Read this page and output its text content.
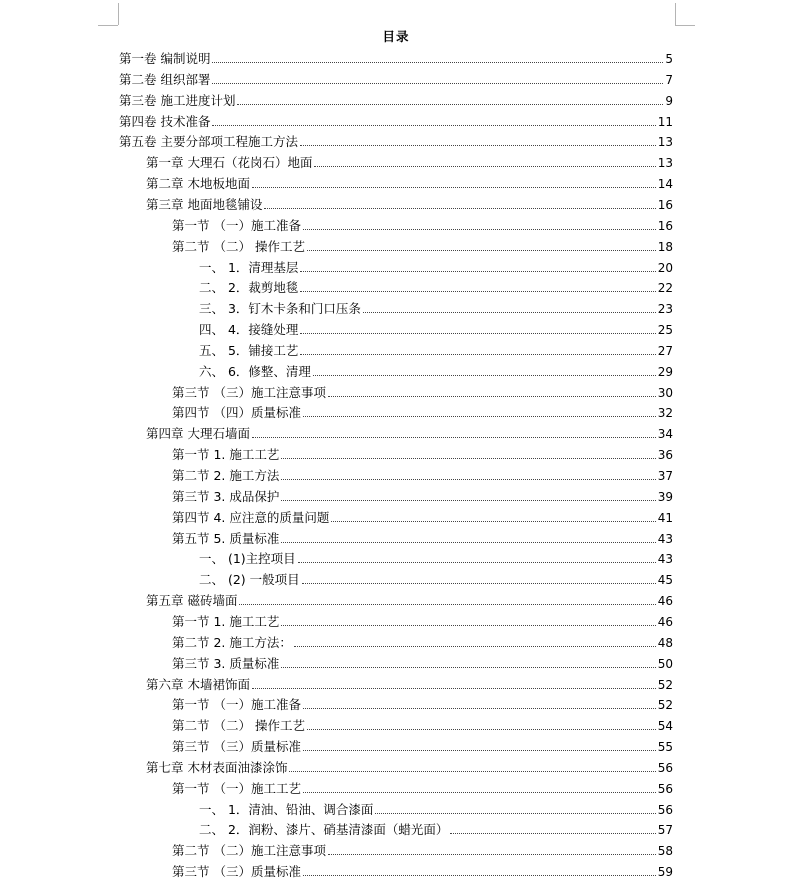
目录
第一卷 编制说明	5
第二卷 组织部署	7
第三卷 施工进度计划	9
第四卷 技术准备	11
第五卷 主要分部项工程施工方法	13
第一章 大理石（花岗石）地面	13
第二章 木地板地面	14
第三章 地面地毯铺设	16
第一节 （一）施工准备	16
第二节 （二） 操作工艺	18
一、 1．清理基层	20
二、 2．裁剪地毯	22
三、 3．钉木卡条和门口压条	23
四、 4．接缝处理	25
五、 5．铺接工艺	27
六、 6．修整、清理	29
第三节 （三）施工注意事项	30
第四节 （四）质量标准	32
第四章 大理石墙面	34
第一节 1. 施工工艺	36
第二节 2. 施工方法	37
第三节 3. 成品保护	39
第四节 4. 应注意的质量问题	41
第五节 5. 质量标准	43
一、 (1)主控项目	43
二、 (2) 一般项目	45
第五章 磁砖墙面	46
第一节 1. 施工工艺	46
第二节 2. 施工方法：	48
第三节 3. 质量标准	50
第六章 木墙裙饰面	52
第一节 （一）施工准备	52
第二节 （二） 操作工艺	54
第三节 （三）质量标准	55
第七章 木材表面油漆涂饰	56
第一节 （一）施工工艺	56
一、 1．清油、铅油、调合漆面	56
二、 2．润粉、漆片、硝基清漆面（蜡光面）	57
第二节 （二）施工注意事项	58
第三节 （三）质量标准	59
